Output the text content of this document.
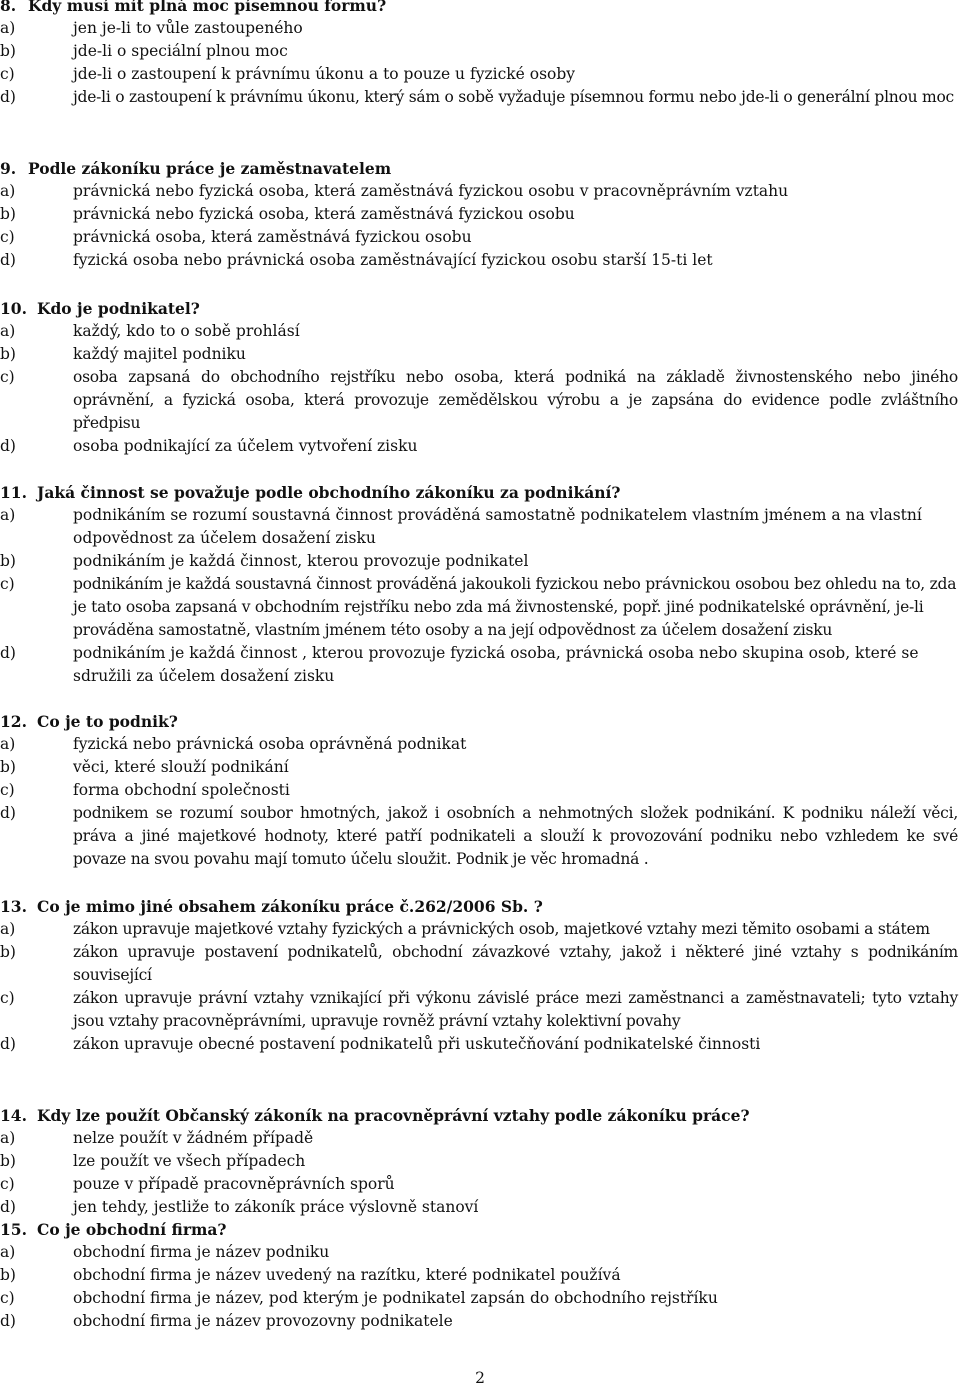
8. Kdy musí mít plná moc písemnou formu?
a)	jen je-li to vůle zastoupeného
b)	jde-li o speciální plnou moc
c)	jde-li o zastoupení k právnímu úkonu a to pouze u fyzické osoby
d)	jde-li o zastoupení k právnímu úkonu, který sám o sobě vyžaduje písemnou formu nebo jde-li o generální plnou moc
9. Podle zákoníku práce je zaměstnavatelem
a)	právnická nebo fyzická osoba, která zaměstnává fyzickou osobu v pracovněprávním vztahu
b)	právnická nebo fyzická osoba, která zaměstnává fyzickou osobu
c)	právnická osoba, která zaměstnává fyzickou osobu
d)	fyzická osoba nebo právnická osoba zaměstnávající fyzickou osobu starší 15-ti let
10. Kdo je podnikatel?
a)	každý, kdo to o sobě prohlásí
b)	každý majitel podniku
c)	osoba zapsaná do obchodního rejstříku nebo osoba, která podniká na základě živnostenského nebo jiného oprávnění, a fyzická osoba, která provozuje zemědělskou výrobu a je zapsána do evidence podle zvláštního předpisu
d)	osoba podnikající za účelem vytvoření zisku
11. Jaká činnost se považuje podle obchodního zákoníku za podnikání?
a)	podnikáním se rozumí soustavná činnost prováděná samostatně podnikatelem vlastním jménem a na vlastní odpovědnost za účelem dosažení zisku
b)	podnikáním je každá činnost, kterou provozuje podnikatel
c)	podnikáním je každá soustavná činnost prováděná jakoukoli fyzickou nebo právnickou osobou bez ohledu na to, zda je tato osoba zapsaná v obchodním rejstříku nebo zda má živnostenské, popř. jiné podnikatelské oprávnění, je-li prováděna samostatně, vlastním jménem této osoby a na její odpovědnost za účelem dosažení zisku
d)	podnikáním je každá činnost , kterou provozuje fyzická osoba, právnická osoba nebo skupina osob, které se sdružili za účelem dosažení zisku
12. Co je to podnik?
a)	fyzická nebo právnická osoba oprávněná podnikat
b)	věci, které slouží podnikání
c)	forma obchodní společnosti
d)	podnikem se rozumí soubor hmotných, jakož i osobních a nehmotných složek podnikání. K podniku náleží věci, práva a jiné majetkové hodnoty, které patří podnikateli a slouží k provozování podniku nebo vzhledem ke své povaze na svou povahu mají tomuto účelu sloužit. Podnik je věc hromadná .
13. Co je mimo jiné obsahem zákoníku práce č.262/2006 Sb. ?
a)	zákon upravuje majetkové vztahy fyzických a právnických osob, majetkové vztahy mezi těmito osobami a státem
b)	zákon upravuje postavení podnikatelů, obchodní závazkové vztahy, jakož i některé jiné vztahy s podnikáním související
c)	zákon upravuje právní vztahy vznikající při výkonu závislé práce mezi zaměstnanci a zaměstnavateli; tyto vztahy jsou vztahy pracovněprávními, upravuje rovněž právní vztahy kolektivní povahy
d)	zákon upravuje obecné postavení podnikatelů při uskutečňování podnikatelské činnosti
14. Kdy lze použít Občanský zákoník na pracovněprávní vztahy podle zákoníku práce?
a)	nelze použít v žádném případě
b)	lze použít ve všech případech
c)	pouze v případě pracovněprávních sporů
d)	jen tehdy, jestliže to zákoník práce výslovně stanoví
15. Co je obchodní firma?
a)	obchodní firma je název podniku
b)	obchodní firma je název uvedený na razítku, které podnikatel používá
c)	obchodní firma je název, pod kterým je podnikatel zapsán do obchodního rejstříku
d)	obchodní firma je název provozovny podnikatele
2
